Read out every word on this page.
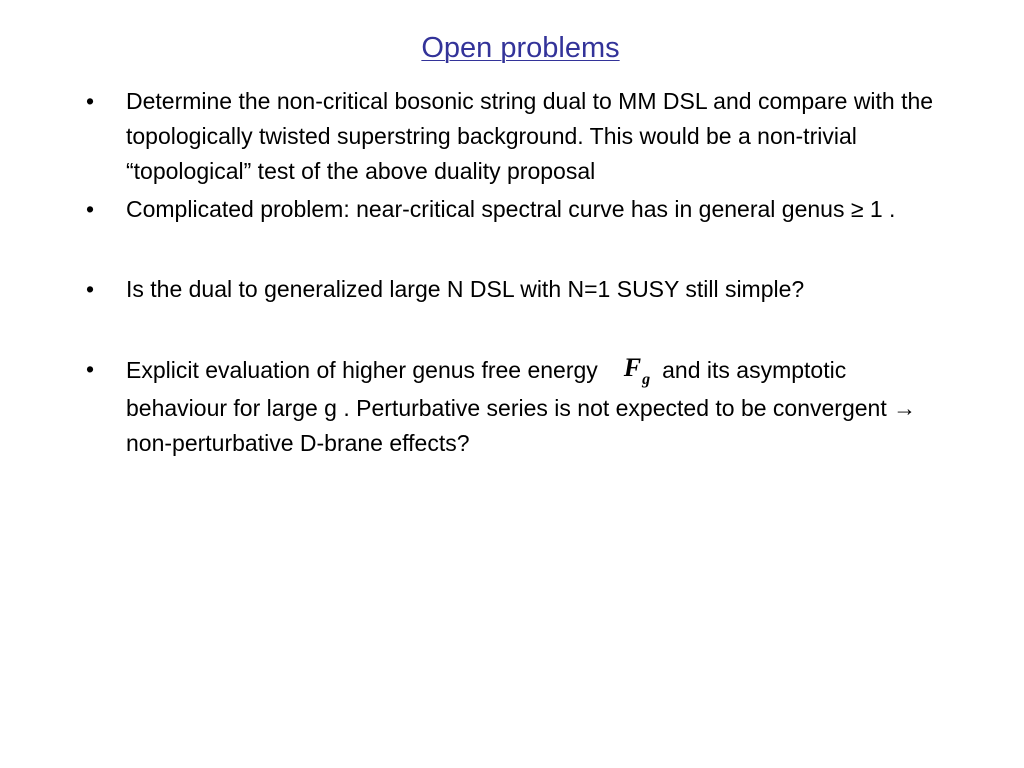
Open problems
• Determine the non-critical bosonic string dual to MM DSL and compare with the topologically twisted superstring background. This would be a non-trivial “topological” test of the above duality proposal
• Complicated problem: near-critical spectral curve has in general genus ≥ 1 .
• Is the dual to generalized large N DSL with N=1 SUSY still simple?
• Explicit evaluation of higher genus free energy $F_g$ and its asymptotic behaviour for large g . Perturbative series is not expected to be convergent → non-perturbative D-brane effects?
